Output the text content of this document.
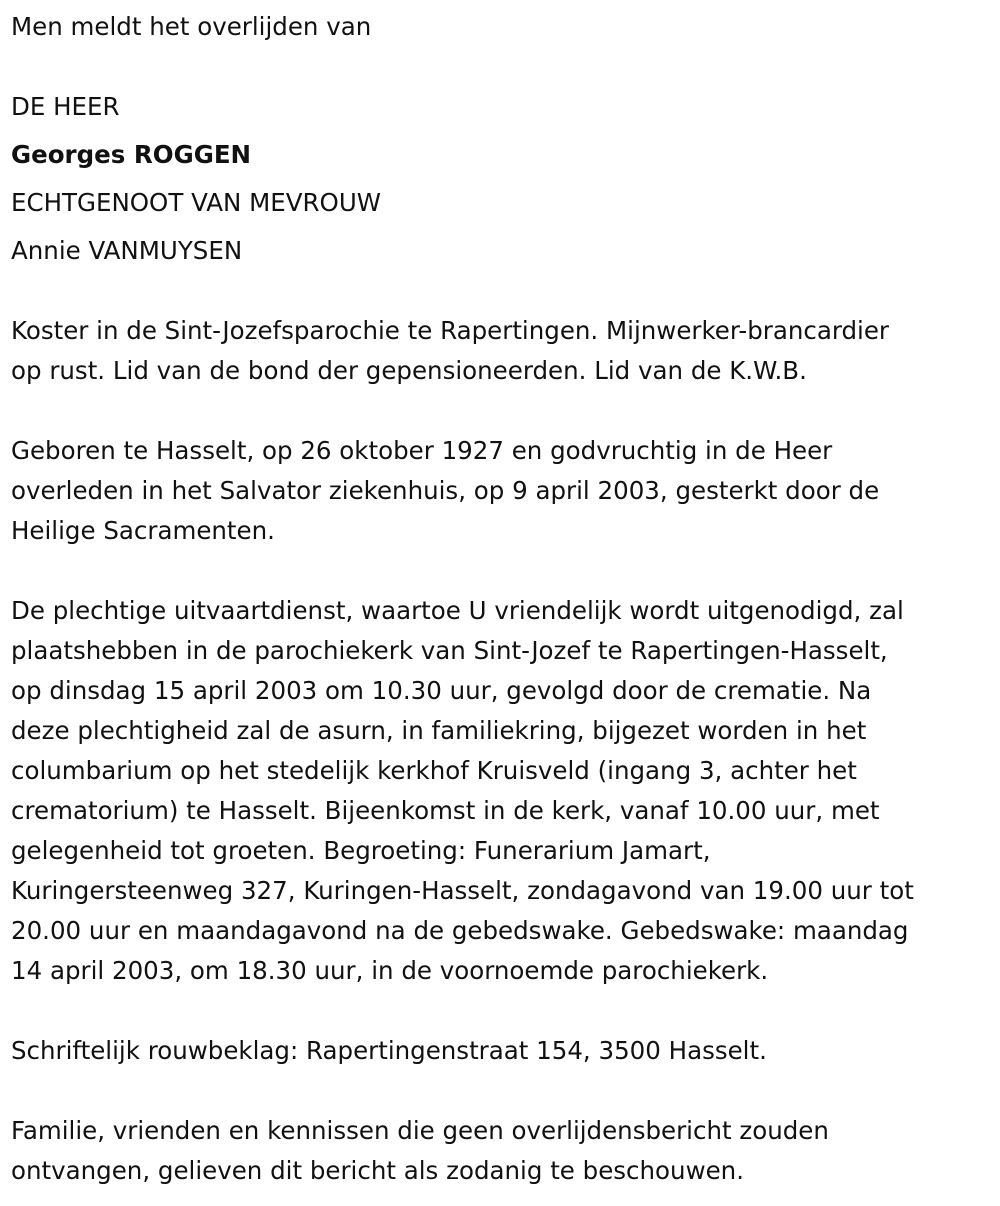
Men meldt het overlijden van

DE HEER

Georges ROGGEN

ECHTGENOOT VAN MEVROUW

Annie VANMUYSEN

Koster in de Sint-Jozefsparochie te Rapertingen. Mijnwerker-brancardier

op rust. Lid van de bond der gepensioneerden. Lid van de K.W.B.

Geboren te Hasselt, op 26 oktober 1927 en godvruchtig in de Heer

overleden in het Salvator ziekenhuis, op 9 april 2003, gesterkt door de

Heilige Sacramenten.

De plechtige uitvaartdienst, waartoe U vriendelijk wordt uitgenodigd, zal

plaatshebben in de parochiekerk van Sint-Jozef te Rapertingen-Hasselt,

op dinsdag 15 april 2003 om 10.30 uur, gevolgd door de crematie. Na

deze plechtigheid zal de asurn, in familiekring, bijgezet worden in het

columbarium op het stedelijk kerkhof Kruisveld (ingang 3, achter het

crematorium) te Hasselt. Bijeenkomst in de kerk, vanaf 10.00 uur, met

gelegenheid tot groeten. Begroeting: Funerarium Jamart,

Kuringersteenweg 327, Kuringen-Hasselt, zondagavond van 19.00 uur tot

20.00 uur en maandagavond na de gebedswake. Gebedswake: maandag

14 april 2003, om 18.30 uur, in de voornoemde parochiekerk.

Schriftelijk rouwbeklag: Rapertingenstraat 154, 3500 Hasselt.

Familie, vrienden en kennissen die geen overlijdensbericht zouden

ontvangen, gelieven dit bericht als zodanig te beschouwen.
